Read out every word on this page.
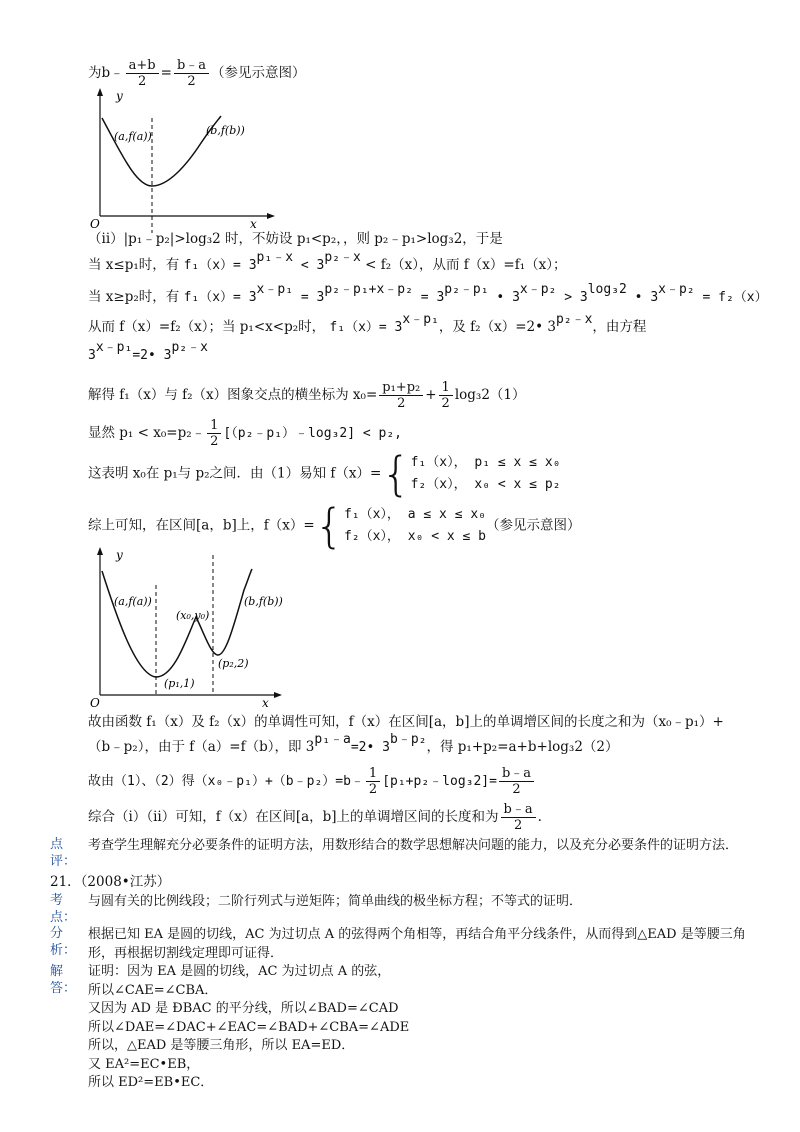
为b﹣ $\frac{a+b}{2} = \frac{b﹣a}{2}$ （参见示意图）
y
x
O
(a,f(a))	(b,f(b))
（ii）|p₁﹣p₂|>log₃2 时，不妨设 p₁<p₂，，则 p₂﹣p₁>log₃2，于是
当 x≤p₁时，有 $f_1(x)= 3^{p_1﹣x} < 3^{p_2﹣x} < f_2(x)$，从而 f（x）=f₁（x）；
当 x≥p₂时，有 $f_1(x)= 3^{x﹣p_1} = 3^{p_2﹣p_1+x﹣p_2} = 3^{p_2﹣p_1}$ • $3^{x﹣p_2} > 3^{log_32}$ • $3^{x﹣p_2} = f_2(x)$
从而 f（x）=f₂（x）；当 p₁<x<p₂时， $f_1(x)= 3^{x﹣p_1}$，及 f₂（x）=2• $3^{p_2﹣x}$，由方程
$3^{x﹣p_1}=2•$ $3^{p_2﹣x}$
解得 f₁（x）与 f₂（x）图象交点的横坐标为 $x_0= \frac{\text{p₁+p₂}}{2} + \frac{1}{2} \log_32(1)$
显然 p₁ < x₀=p₂﹣ $\frac{1}{2}$ [（p₂﹣p₁）﹣log₃2] < p₂,
这表明 x₀在 p₁与 p₂之间．由（1）易知 f（x）={ f₁（x）， p₁ ≤ x ≤ x₀
f₂（x）， x₀ < x ≤ p₂
综上可知，在区间[a，b]上，f（x）={ f₁（x）， a ≤ x ≤ x₀
f₂（x）， x₀ < x ≤ b
（参见示意图）
y
x
O
(a,f(a))
(x₀,y₀)
(b,f(b))
(p₂,2)
(p₁,1)
故由函数 f₁（x）及 f₂（x）的单调性可知，f（x）在区间[a，b]上的单调增区间的长度之和为（x₀﹣p₁）+
（b﹣p₂），由于 f（a）=f（b），即 $3^{p_1﹣a}=2•$ $3^{b﹣p_2}$，得 p₁+p₂=a+b+log₃2（2）
故由（1）、（2）得（x₀﹣p₁）+（b﹣p₂）=b﹣ $\frac{1}{2}$ [p₁+p₂﹣log₃2]= $\frac{b﹣a}{2}$
综合（i）（ii）可知，f（x）在区间[a，b]上的单调增区间的长度和为 $\frac{b﹣a}{2}$ .
点评：
考查学生理解充分必要条件的证明方法，用数形结合的数学思想解决问题的能力，以及充分必要条件的证明方法．
21．（2008•江苏）
考点：
与圆有关的比例线段；二阶行列式与逆矩阵；简单曲线的极坐标方程；不等式的证明．
分析：
根据已知 EA 是圆的切线，AC 为过切点 A 的弦得两个角相等，再结合角平分线条件，从而得到△EAD 是等腰三角形，再根据切割线定理即可证得．
解答：
证明：因为 EA 是圆的切线，AC 为过切点 A 的弦，
所以∠CAE=∠CBA．
又因为 AD 是 ÐBAC 的平分线，所以∠BAD=∠CAD
所以∠DAE=∠DAC+∠EAC=∠BAD+∠CBA=∠ADE
所以，△EAD 是等腰三角形，所以 EA=ED．
又 EA²=EC•EB，
所以 ED²=EB•EC．
